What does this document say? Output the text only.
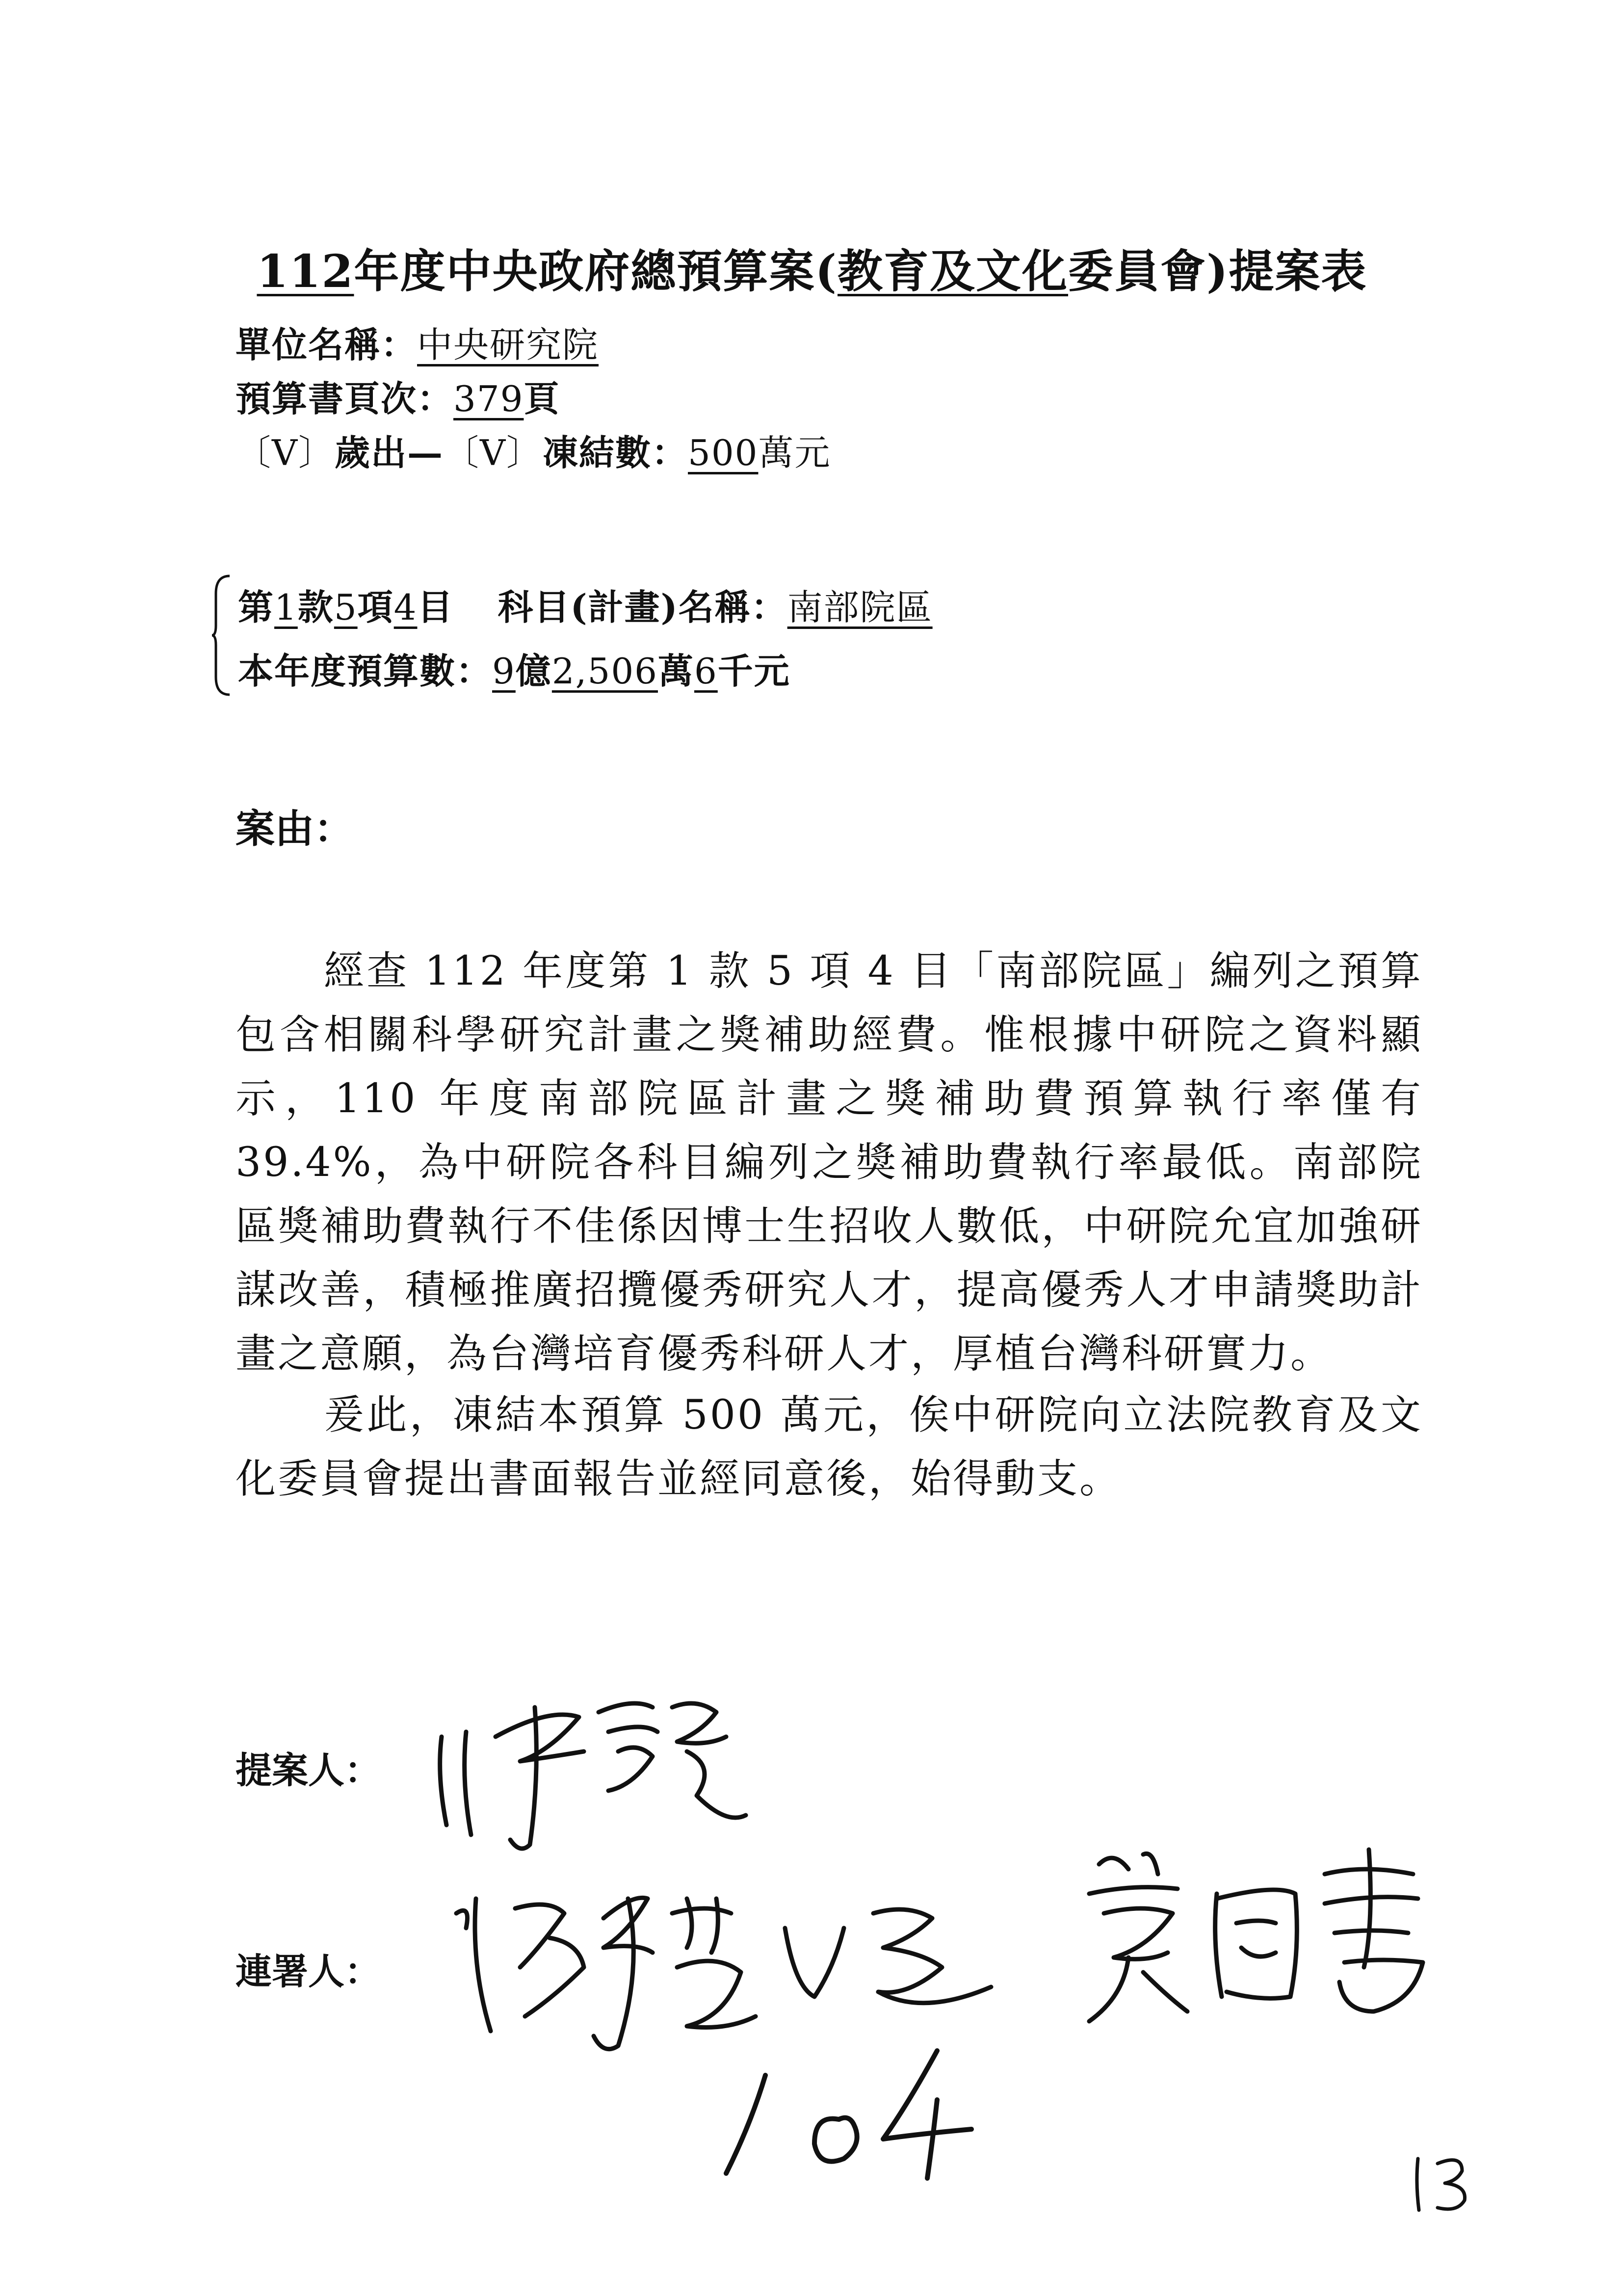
112年度中央政府總預算案(教育及文化委員會)提案表
單位名稱：中央研究院
預算書頁次：379頁
〔V〕歲出—〔V〕凍結數：500萬元
第1款5項4目 科目(計畫)名稱：南部院區
本年度預算數：9億2,506萬6千元
案由：
經查 112 年度第 1 款 5 項 4 目「南部院區」編列之預算包含相關科學研究計畫之獎補助經費。惟根據中研院之資料顯示，110 年度南部院區計畫之獎補助費預算執行率僅有 39.4%，為中研院各科目編列之獎補助費執行率最低。南部院區獎補助費執行不佳係因博士生招收人數低，中研院允宜加強研謀改善，積極推廣招攬優秀研究人才，提高優秀人才申請獎助計畫之意願，為台灣培育優秀科研人才，厚植台灣科研實力。
爰此，凍結本預算 500 萬元，俟中研院向立法院教育及文化委員會提出書面報告並經同意後，始得動支。
提案人：
連署人：
